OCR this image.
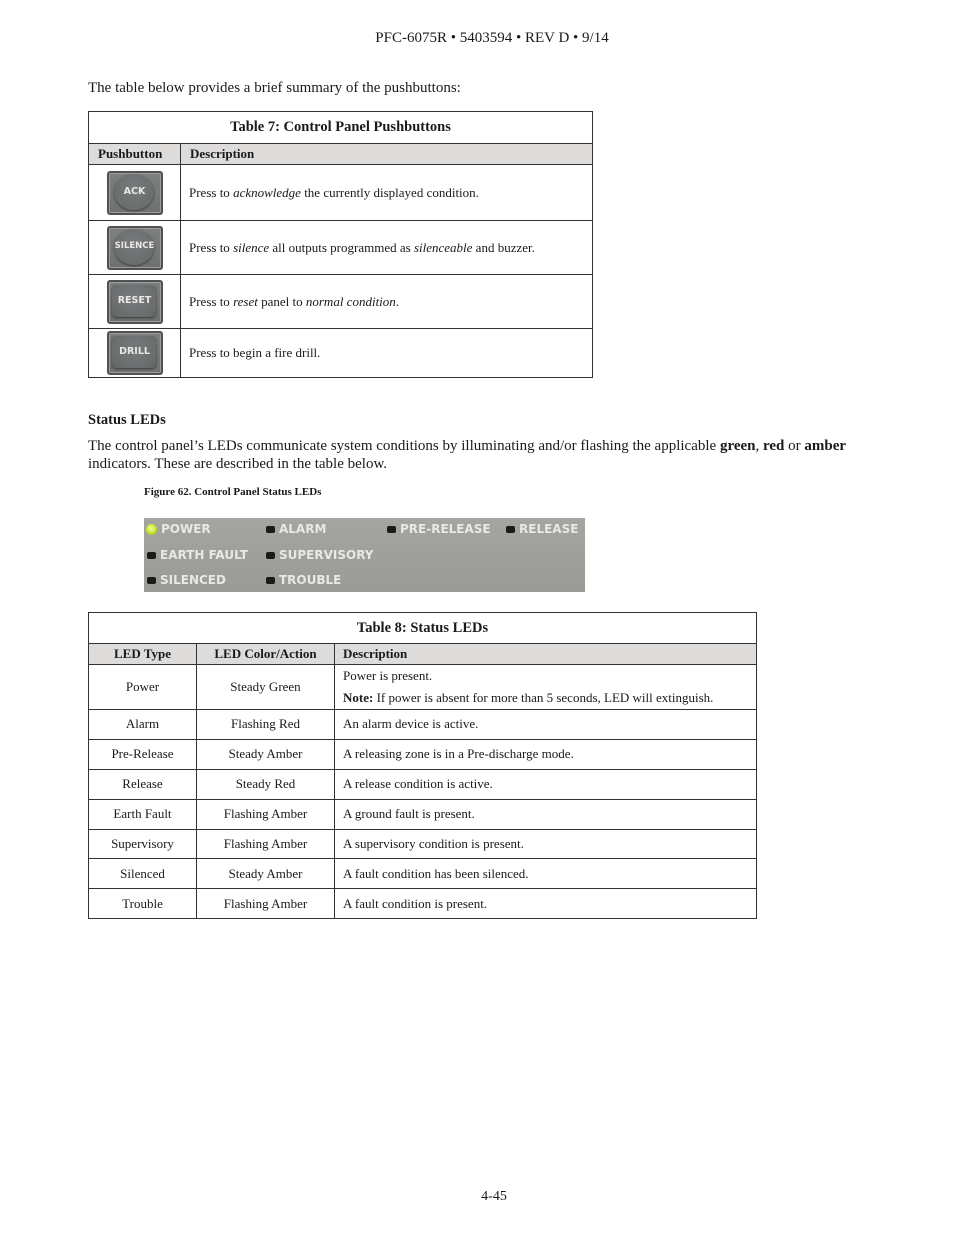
PFC-6075R • 5403594 • REV D • 9/14
The table below provides a brief summary of the pushbuttons:
Table 7: Control Panel Pushbuttons	
Pushbutton	Description

ACK	Press to acknowledge the currently displayed condition.

SILENCE	Press to silence all outputs programmed as silenceable and buzzer.

RESET	Press to reset panel to normal condition.

DRILL	Press to begin a fire drill.
Status LEDs
The control panel’s LEDs communicate system conditions by illuminating and/or flashing the applicable green, red or amber indicators. These are described in the table below.
Figure 62. Control Panel Status LEDs
POWER	ALARM	PRE-RELEASE RELEASE
EARTH FAULT	SUPERVISORY
SILENCED	TROUBLE
Table 8: Status LEDs		
LED Type	LED Color/Action	Description
Power	Steady Green	Power is present.
Note: If power is absent for more than 5 seconds, LED will extinguish.

Alarm	Flashing Red	An alarm device is active.
Pre-Release	Steady Amber	A releasing zone is in a Pre-discharge mode.
Release	Steady Red	A release condition is active.
Earth Fault	Flashing Amber	A ground fault is present.
Supervisory	Flashing Amber	A supervisory condition is present.
Silenced	Steady Amber	A fault condition has been silenced.
Trouble	Flashing Amber	A fault condition is present.
4-45
